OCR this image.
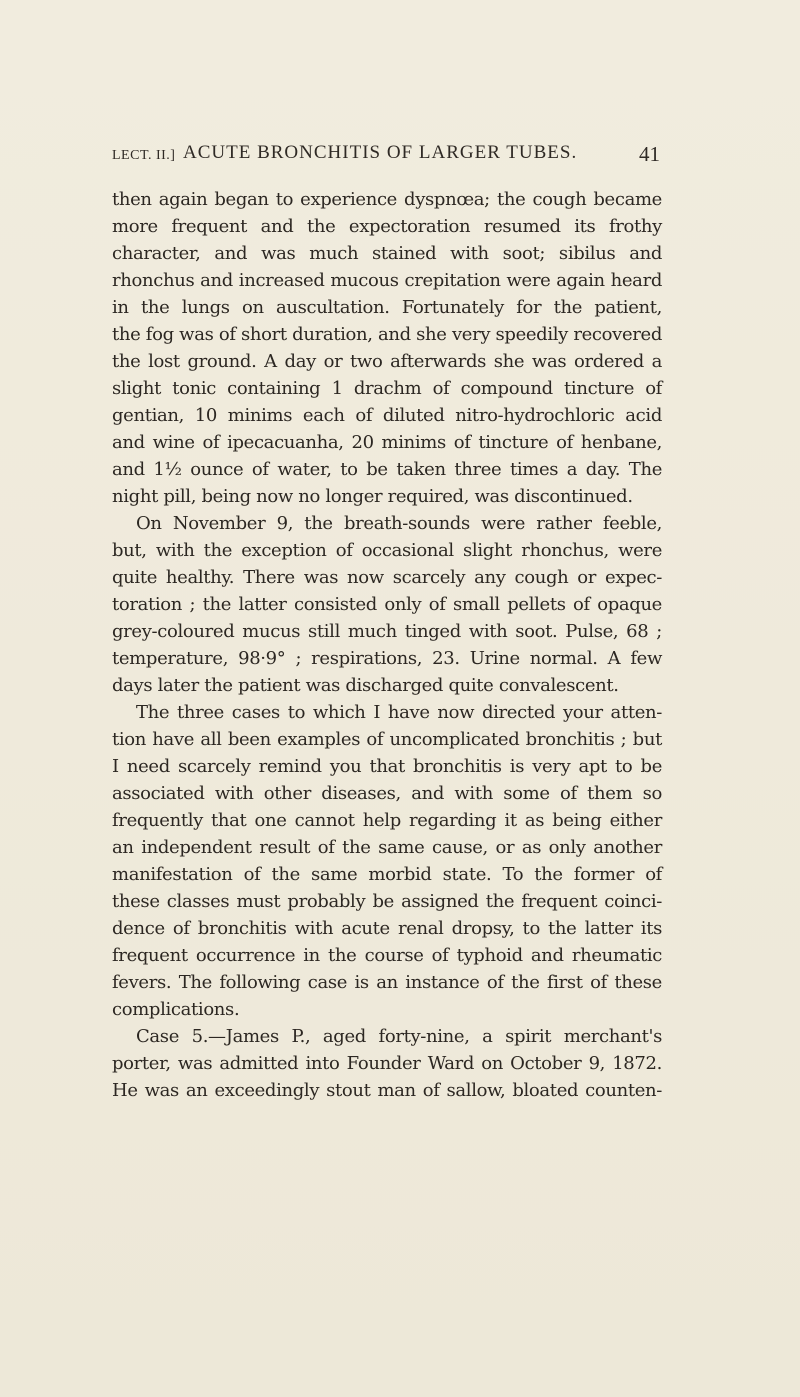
LECT. II.] ACUTE BRONCHITIS OF LARGER TUBES.	41
then again began to experience dyspnœa; the cough became
more frequent and the expectoration resumed its frothy
character, and was much stained with soot; sibilus and
rhonchus and increased mucous crepitation were again heard
in the lungs on auscultation. Fortunately for the patient,
the fog was of short duration, and she very speedily recovered
the lost ground. A day or two afterwards she was ordered a
slight tonic containing 1 drachm of compound tincture of
gentian, 10 minims each of diluted nitro-hydrochloric acid
and wine of ipecacuanha, 20 minims of tincture of henbane,
and 1½ ounce of water, to be taken three times a day. The
night pill, being now no longer required, was discontinued.
On November 9, the breath-sounds were rather feeble,
but, with the exception of occasional slight rhonchus, were
quite healthy. There was now scarcely any cough or expec-
toration ; the latter consisted only of small pellets of opaque
grey-coloured mucus still much tinged with soot. Pulse, 68 ;
temperature, 98·9° ; respirations, 23. Urine normal. A few
days later the patient was discharged quite convalescent.
The three cases to which I have now directed your atten-
tion have all been examples of uncomplicated bronchitis ; but
I need scarcely remind you that bronchitis is very apt to be
associated with other diseases, and with some of them so
frequently that one cannot help regarding it as being either
an independent result of the same cause, or as only another
manifestation of the same morbid state. To the former of
these classes must probably be assigned the frequent coinci-
dence of bronchitis with acute renal dropsy, to the latter its
frequent occurrence in the course of typhoid and rheumatic
fevers. The following case is an instance of the first of these
complications.
Case 5.—James P., aged forty-nine, a spirit merchant's
porter, was admitted into Founder Ward on October 9, 1872.
He was an exceedingly stout man of sallow, bloated counten-
